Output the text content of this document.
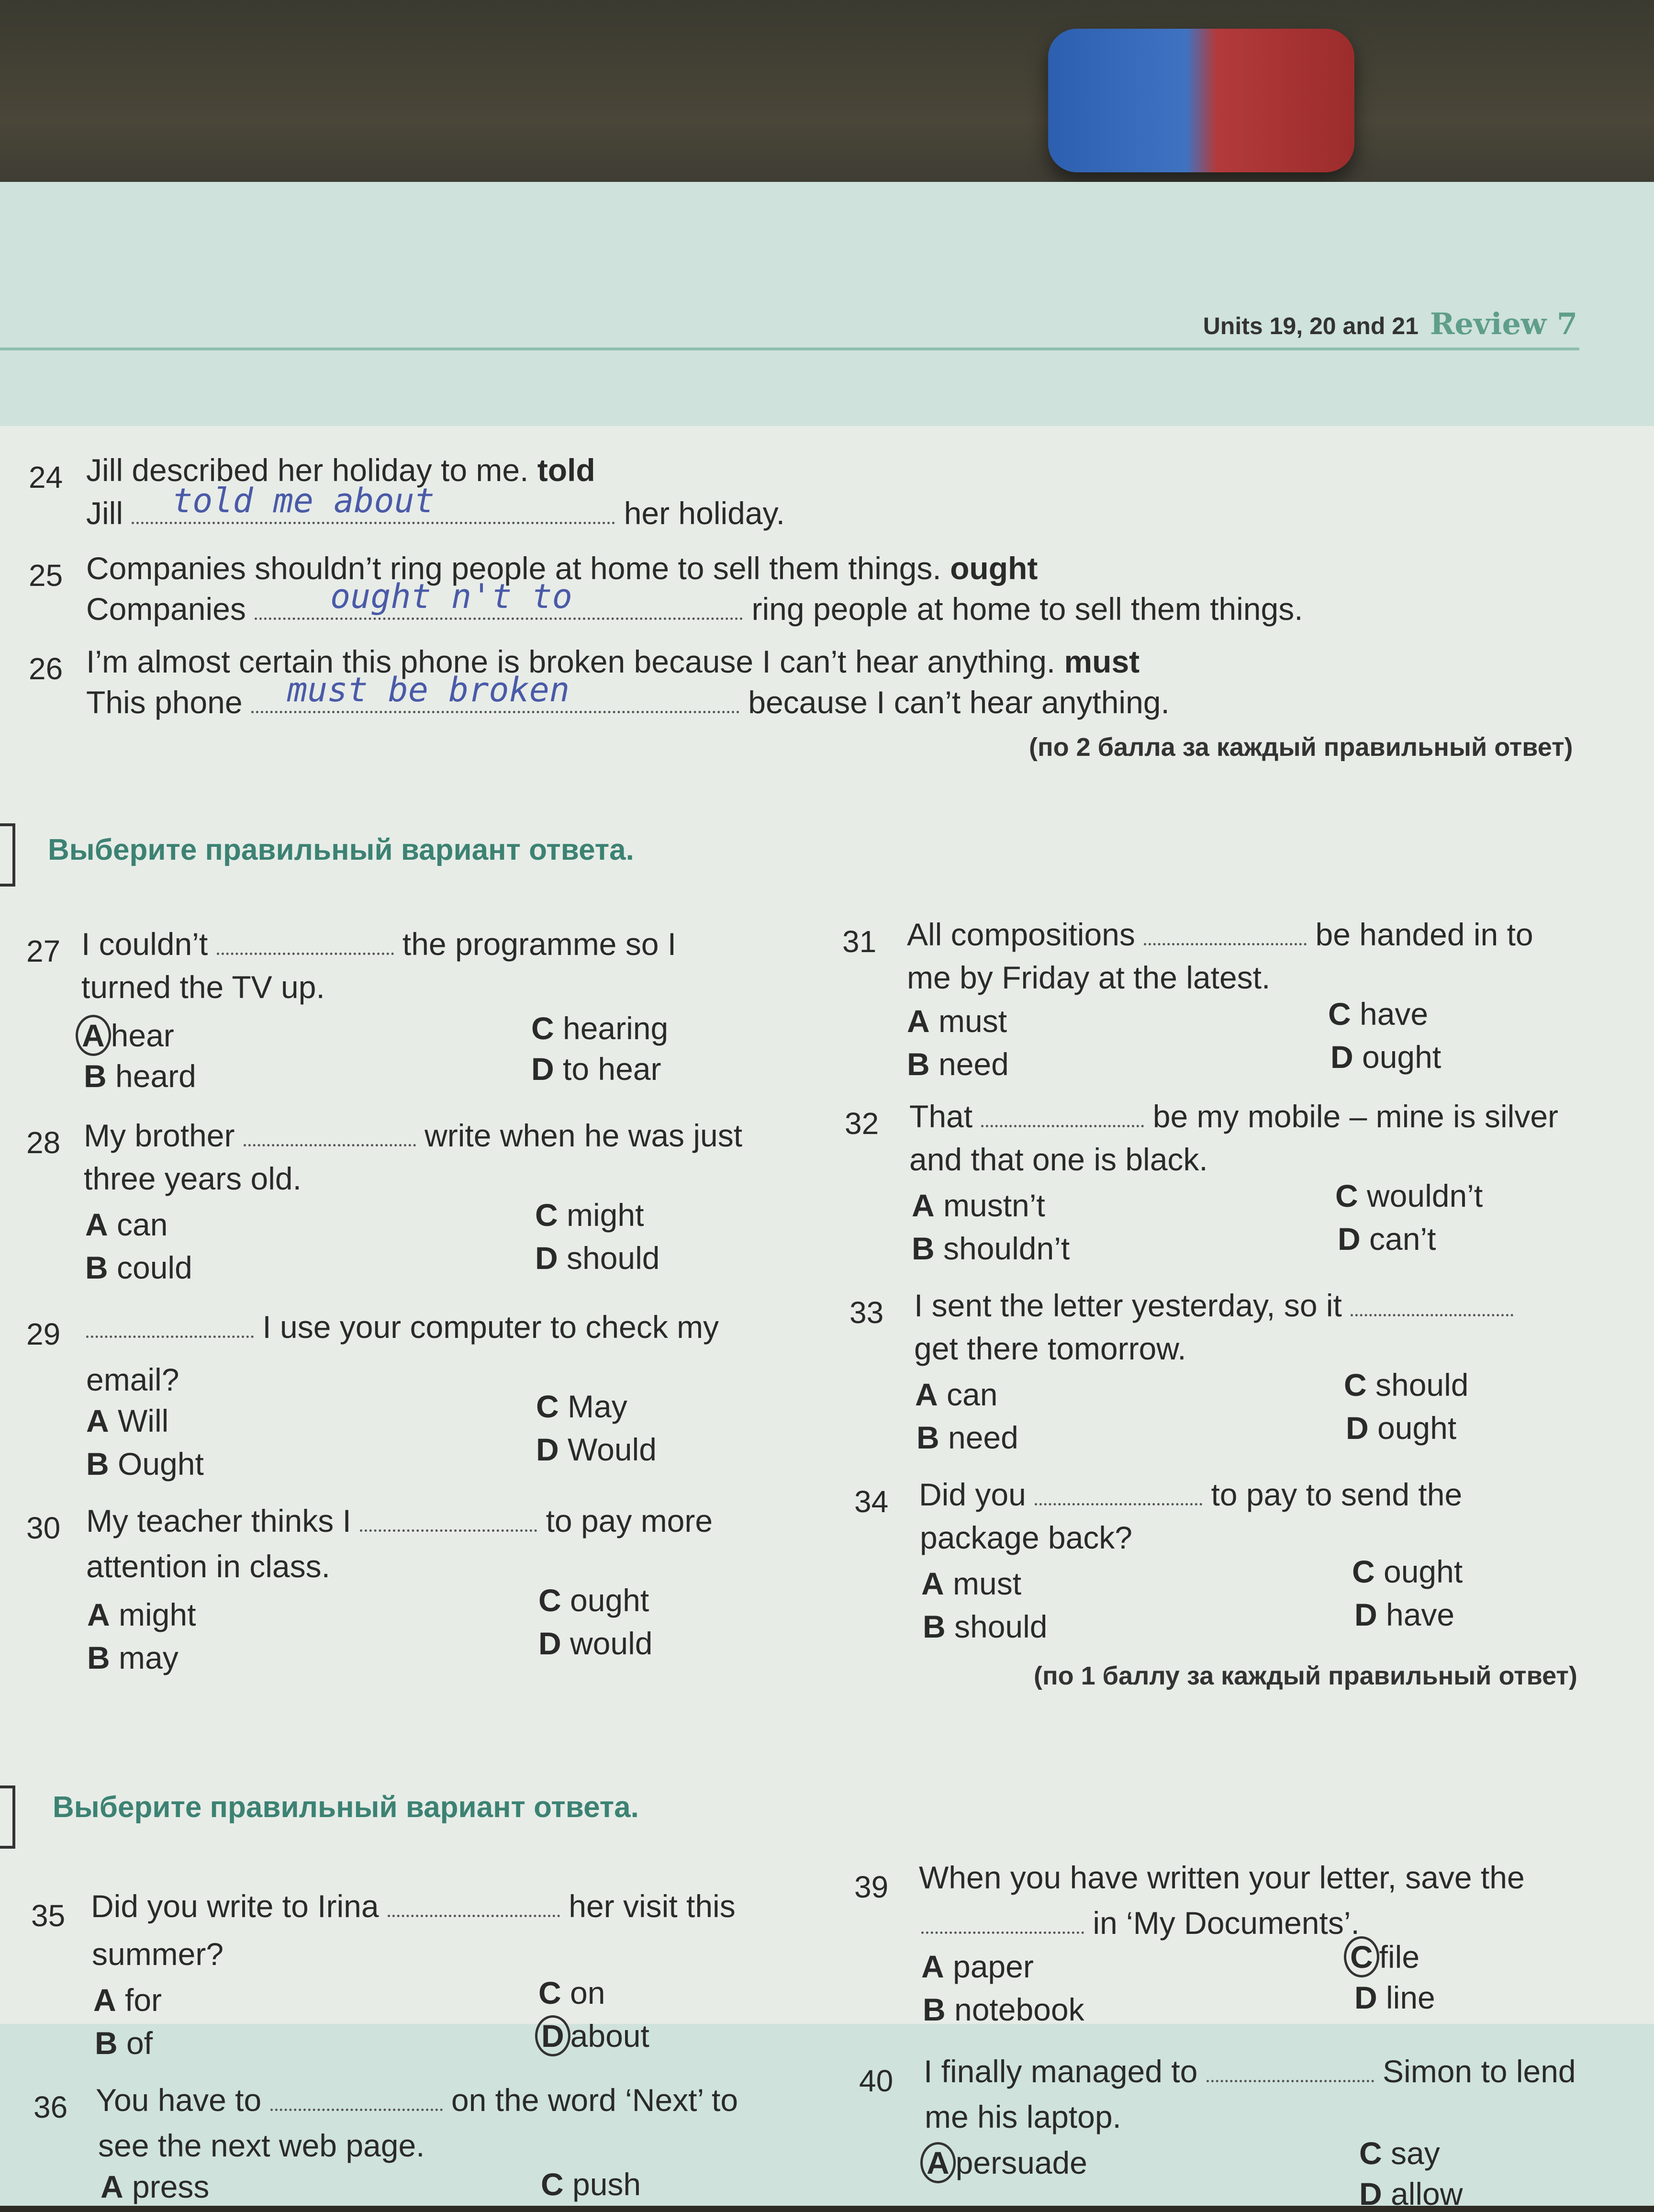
Units 19, 20 and 21 Review 7
24 Jill described her holiday to me. told
Jill	her holiday.
told me about
25 Companies shouldn’t ring people at home to sell them things. ought
Companies	ring people at home to sell them things.
ought n't to
26 I’m almost certain this phone is broken because I can’t hear anything. must
This phone	because I can’t hear anything.
must be broken
(по 2 балла за каждый правильный ответ)
Выберите правильный вариант ответа.
27 I couldn’t	the programme so I
turned the TV up.
A hear
B heard
C hearing
D to hear
28 My brother	write when he was just
three years old.
A can
B could
C might
D should
29	I use your computer to check my
email?
A Will
B Ought
C May
D Would
30 My teacher thinks I	to pay more
attention in class.
A might
B may
C ought
D would
31 All compositions	be handed in to
me by Friday at the latest.
A must
B need
C have
D ought
32 That	be my mobile – mine is silver
and that one is black.
A mustn’t
B shouldn’t
C wouldn’t
D can’t
33 I sent the letter yesterday, so it
get there tomorrow.
A can
B need
C should
D ought
34 Did you	to pay to send the
package back?
A must
B should
C ought
D have
(по 1 баллу за каждый правильный ответ)
Выберите правильный вариант ответа.
35 Did you write to Irina	her visit this
summer?
A for
B of
C on
D about
36 You have to	on the word ‘Next’ to
see the next web page.
A press	C push
39 When you have written your letter, save the
in ‘My Documents’.
A paper
B notebook
C file
D line
40 I finally managed to	Simon to lend
me his laptop.
A persuade	C say
D allow
